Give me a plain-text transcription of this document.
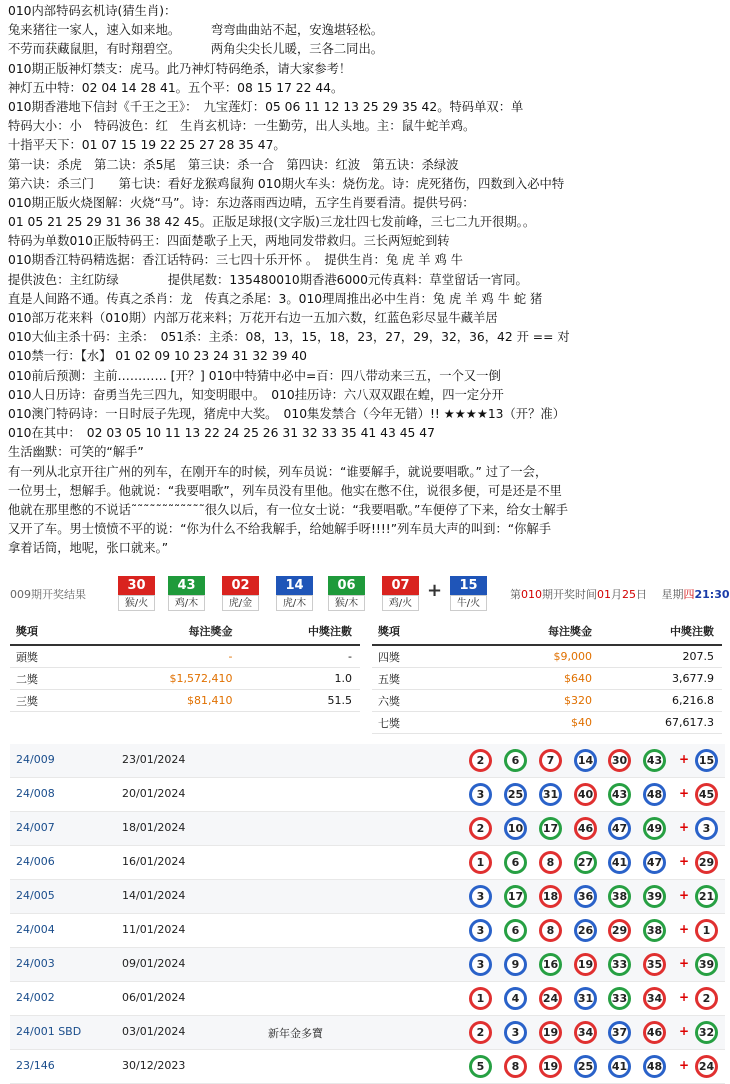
010内部特码玄机诗(猜生肖)：
兔来猪往一家人，速入如来地。　　　弯弯曲曲站不起，安逸堪轻松。
不劳而获藏鼠胆，有时翔碧空。　　　两角尖尖长儿暖，三各二同出。
010期正版神灯禁支：虎马。此乃神灯特码绝杀，请大家参考！
神灯五中特：02 04 14 28 41。五个平：08 15 17 22 44。
010期香港地下信封《千王之王》：　九宝莲灯：05 06 11 12 13 25 29 35 42。特码单双：单
特码大小：小　特码波色：红　生肖玄机诗：一生勤劳，出人头地。主：鼠牛蛇羊鸡。
十指平天下：01 07 15 19 22 25 27 28 35 47。
第一诀：杀虎　第二诀：杀5尾　第三诀：杀一合　第四诀：红波　第五诀：杀绿波
第六诀：杀三门　　第七诀：看好龙猴鸡鼠狗 010期火车头：烧伤龙。诗：虎死猪伤，四数到入必中特
010期正版火烧图解：火烧“马”。诗：东边落雨西边晴，五字生肖要看清。提供号码：
01 05 21 25 29 31 36 38 42 45。正版足球报(文字版)三龙壮四七发前峰，三七二九开很期。。
特码为单数010正版特码王：四面楚歌子上天，两地同发带救归。三长两短蛇到转
010期香江特码精选据：香江话特码：三七四十乐开怀 。　提供生肖：兔 虎 羊 鸡 牛
提供波色：主红防绿　　　　提供尾数：135480010期香港6000元传真料：草堂留话一宵同。
直是人间路不通。传真之杀肖：龙　传真之杀尾：3。010理周推出必中生肖：兔 虎 羊 鸡 牛 蛇 猪
010部万花来料（010期）内部万花来料；万花开右边一五加六数，红蓝色彩尽显牛藏羊居
010大仙主杀十码：主杀：　051杀：主杀：08，13，15，18，23，27，29，32，36，42 开 == 对
010禁一行：【水】 01 02 09 10 23 24 31 32 39 40
010前后预测：主前………… [开？] 010中特猜中必中=百：四八带动来三五，一个又一倒
010人日历诗：奋勇当先三四九，知变明眼中。　010挂历诗：六八双双跟在蝗，四一定分开
010澳门特码诗：一日时辰子先现，猪虎中大奖。　010集发禁合（今年无错）!! ★★★★13（开？准）
010在其中：　02 03 05 10 11 13 22 24 25 26 31 32 33 35 41 43 45 47
生活幽默：可笑的“解手”
有一列从北京开往广州的列车，在刚开车的时候，列车员说：“谁要解手，就说要唱歌。” 过了一会，
一位男士，想解手。他就说：“我要唱歌”，列车员没有里他。他实在憋不住，说很多便，可是还是不里
他就在那里憋的不说话˜˜˜˜˜˜˜˜˜˜˜˜很久以后，有一位女士说：“我要唱歌。”车便停了下来，给女士解手
又开了车。男士愤愤不平的说：“你为什么不给我解手，给她解手呀!!!!”列车员大声的叫到：“你解手
拿着话筒，地呢，张口就来。”
009期开奖结果
30
猴/火
43
鸡/木
02
虎/金
14
虎/木
06
猴/木
07
鸡/火
15
牛/火
+	第010期开奖时间01月25日 　星期四21:30
獎項	每注獎金	中獎注數
頭獎	-	-
二獎	$1,572,410	1.0
三獎	$81,410	51.5
獎項	每注獎金	中獎注數
四獎	$9,000	207.5
五獎	$640	3,677.9
六獎	$320	6,216.8
七獎	$40	67,617.3
24/009	23/01/2024	2	6	7	14	30	43	+ 15
24/008	20/01/2024	3	25	31	40	43	48	+ 45
24/007	18/01/2024	2	10	17	46	47	49	+	3
24/006	16/01/2024	1	6	8	27	41	47	+ 29
24/005	14/01/2024	3	17	18	36	38	39	+ 21
24/004	11/01/2024	3	6	8	26	29	38	+	1
24/003	09/01/2024	3	9	16	19	33	35	+ 39
24/002	06/01/2024	1	4	24	31	33	34	+	2
24/001 SBD	03/01/2024	新年金多寶	2	3	19	34	37	46	+ 32
23/146	30/12/2023	5	8	19	25	41	48	+ 24
